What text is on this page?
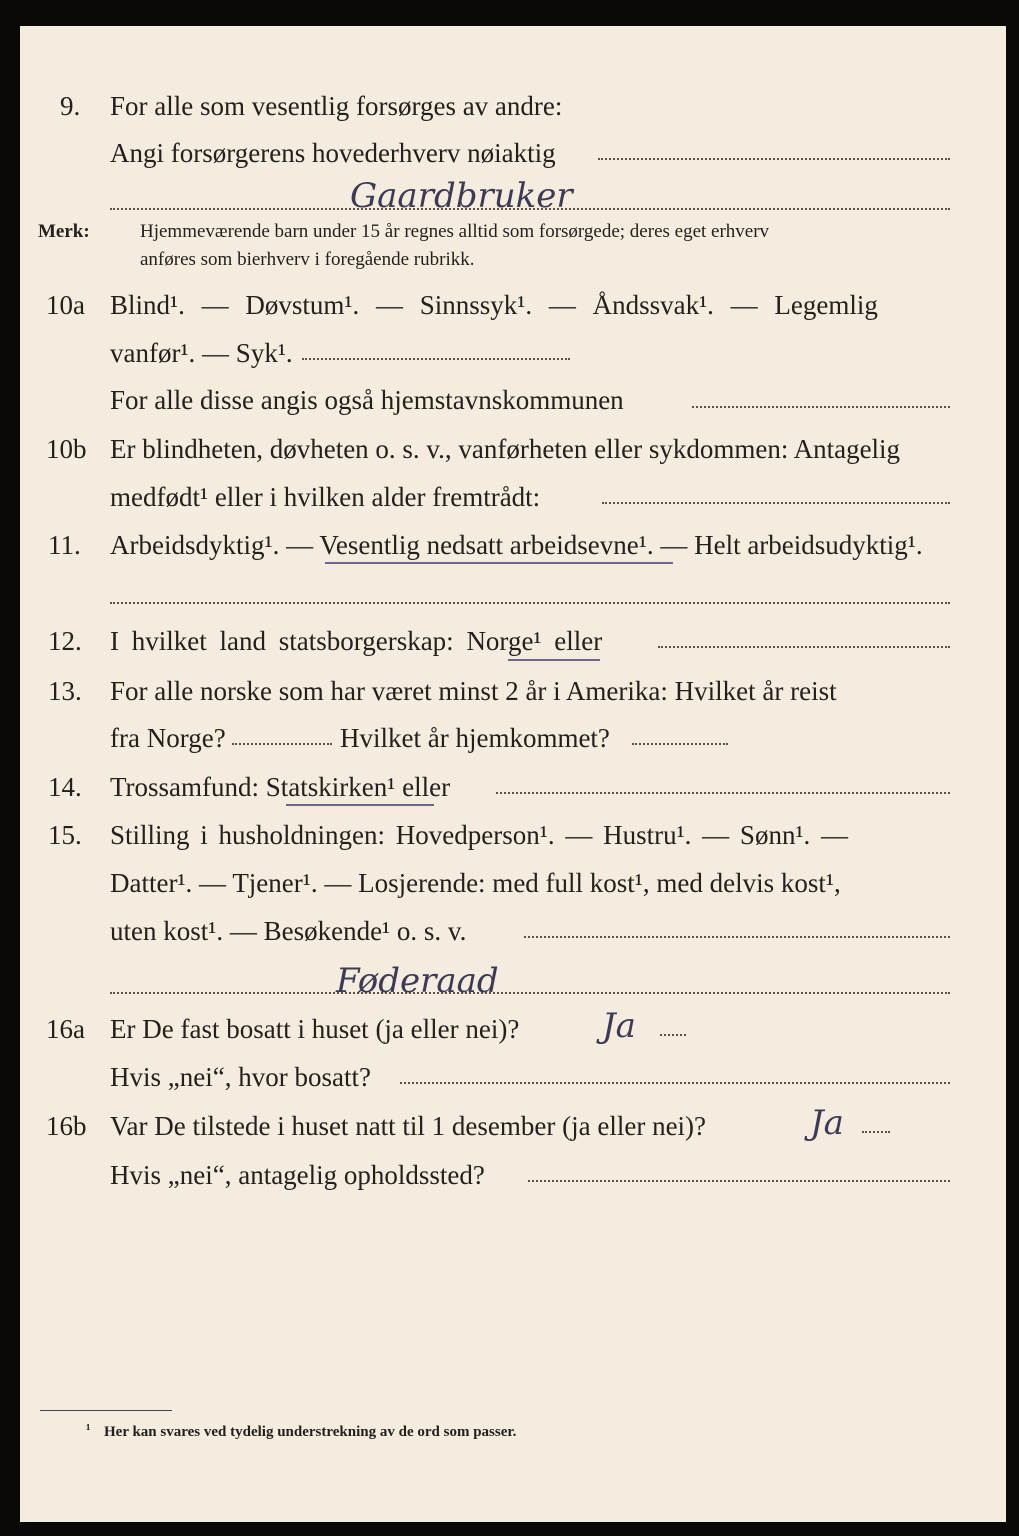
9. For alle som vesentlig forsørges av andre:
Angi forsørgerens hovederhverv nøiaktig
Gaardbruker
Merk:	Hjemmeværende barn under 15 år regnes alltid som forsørgede; deres eget erhverv
anføres som bierhverv i foregående rubrikk.
10a Blind¹. — Døvstum¹. — Sinnssyk¹. — Åndssvak¹. — Legemlig
vanfør¹. — Syk¹.
For alle disse angis også hjemstavnskommunen
10b Er blindheten, døvheten o. s. v., vanførheten eller sykdommen: Antagelig
medfødt¹ eller i hvilken alder fremtrådt:
11. Arbeidsdyktig¹. — Vesentlig nedsatt arbeidsevne¹. — Helt arbeidsudyktig¹.
12. I hvilket land statsborgerskap: Norge¹ eller
13. For alle norske som har været minst 2 år i Amerika: Hvilket år reist
fra Norge?	Hvilket år hjemkommet?
14. Trossamfund: Statskirken¹ eller
15. Stilling i husholdningen: Hovedperson¹. — Hustru¹. — Sønn¹. —
Datter¹. — Tjener¹. — Losjerende: med full kost¹, med delvis kost¹,
uten kost¹. — Besøkende¹ o. s. v.
Føderaad
16a Er De fast bosatt i huset (ja eller nei)? Ja
Hvis „nei“, hvor bosatt?
16b Var De tilstede i huset natt til 1 desember (ja eller nei)?	Ja
Hvis „nei“, antagelig opholdssted?
¹ Her kan svares ved tydelig understrekning av de ord som passer.
